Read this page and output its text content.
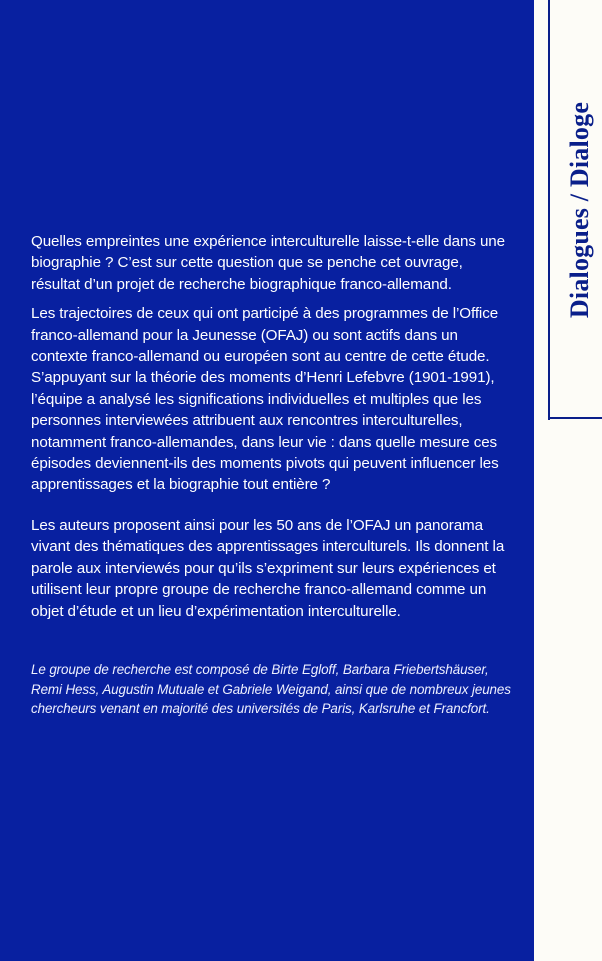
Quelles empreintes une expérience interculturelle laisse-t-elle dans une biographie ? C’est sur cette question que se penche cet ouvrage, résultat d’un projet de recherche biographique franco-allemand.

Les trajectoires de ceux qui ont participé à des programmes de l’Office franco-allemand pour la Jeunesse (OFAJ) ou sont actifs dans un contexte franco-allemand ou européen sont au centre de cette étude. S’appuyant sur la théorie des moments d’Henri Lefebvre (1901-1991), l’équipe a analysé les significations individuelles et multiples que les personnes interviewées attribuent aux rencontres interculturelles, notamment franco-allemandes, dans leur vie : dans quelle mesure ces épisodes deviennent-ils des moments pivots qui peuvent influencer les apprentissages et la biographie tout entière ?

Les auteurs proposent ainsi pour les 50 ans de l’OFAJ un panorama vivant des thématiques des apprentissages interculturels. Ils donnent la parole aux interviewés pour qu’ils s’expriment sur leurs expériences et utilisent leur propre groupe de recherche franco-allemand comme un objet d’étude et un lieu d’expérimentation interculturelle.

Le groupe de recherche est composé de Birte Egloff, Barbara Friebertshäuser, Remi Hess, Augustin Mutuale et Gabriele Weigand, ainsi que de nombreux jeunes chercheurs venant en majorité des universités de Paris, Karlsruhe et Francfort.

Dialogues / Dialoge
